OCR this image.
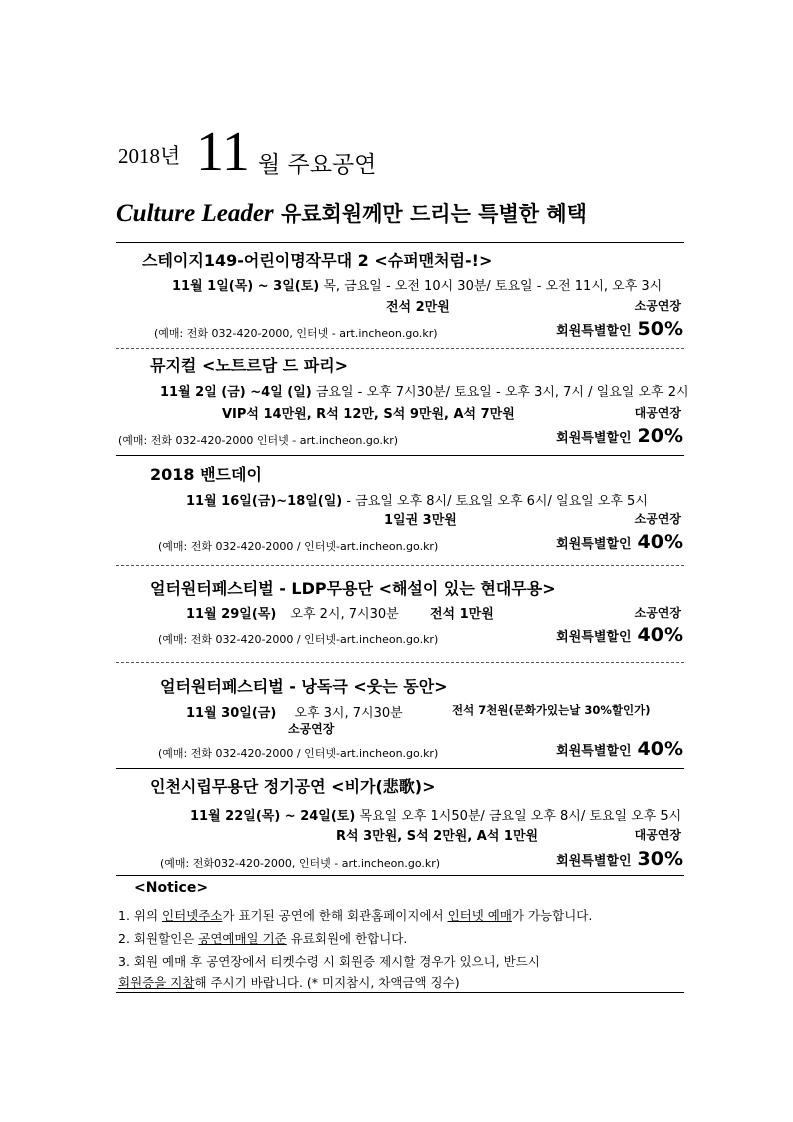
2018년 11 월 주요공연
Culture Leader 유료회원께만 드리는 특별한 혜택
스테이지149-어린이명작무대 2 <슈퍼맨처럼-!>
11월 1일(목) ~ 3일(토) 목, 금요일 - 오전 10시 30분/ 토요일 - 오전 11시, 오후 3시
전석 2만원	소공연장
(예매: 전화 032-420-2000, 인터넷 - art.incheon.go.kr)	회원특별할인 50%
뮤지컬 <노트르담 드 파리>
11월 2일 (금) ~4일 (일) 금요일 - 오후 7시30분/ 토요일 - 오후 3시, 7시 / 일요일 오후 2시
VIP석 14만원, R석 12만, S석 9만원, A석 7만원	대공연장
(예매: 전화 032-420-2000 인터넷 - art.incheon.go.kr)	회원특별할인 20%
2018 밴드데이
11월 16일(금)~18일(일) - 금요일 오후 8시/ 토요일 오후 6시/ 일요일 오후 5시
1일권 3만원	소공연장
(예매: 전화 032-420-2000 / 인터넷-art.incheon.go.kr)	회원특별할인 40%
얼터원터페스티벌 - LDP무용단 <해설이 있는 현대무용>
11월 29일(목) 오후 2시, 7시30분 전석 1만원	소공연장
(예매: 전화 032-420-2000 / 인터넷-art.incheon.go.kr)	회원특별할인 40%
얼터원터페스티벌 - 낭독극 <웃는 동안>
11월 30일(금) 오후 3시, 7시30분	전석 7천원(문화가있는날 30%할인가)
소공연장
(예매: 전화 032-420-2000 / 인터넷-art.incheon.go.kr)	회원특별할인 40%
인천시립무용단 정기공연 <비가(悲歌)>
11월 22일(목) ~ 24일(토) 목요일 오후 1시50분/ 금요일 오후 8시/ 토요일 오후 5시
R석 3만원, S석 2만원, A석 1만원	대공연장
(예매: 전화032-420-2000, 인터넷 - art.incheon.go.kr)	회원특별할인 30%
<Notice>
1. 위의 인터넷주소가 표기된 공연에 한해 회관홈페이지에서 인터넷 예매가 가능합니다.
2. 회원할인은 공연예매일 기준 유료회원에 한합니다.
3. 회원 예매 후 공연장에서 티켓수령 시 회원증 제시할 경우가 있으니, 반드시
회원증을 지참해 주시기 바랍니다. (* 미지참시, 차액금액 징수)
